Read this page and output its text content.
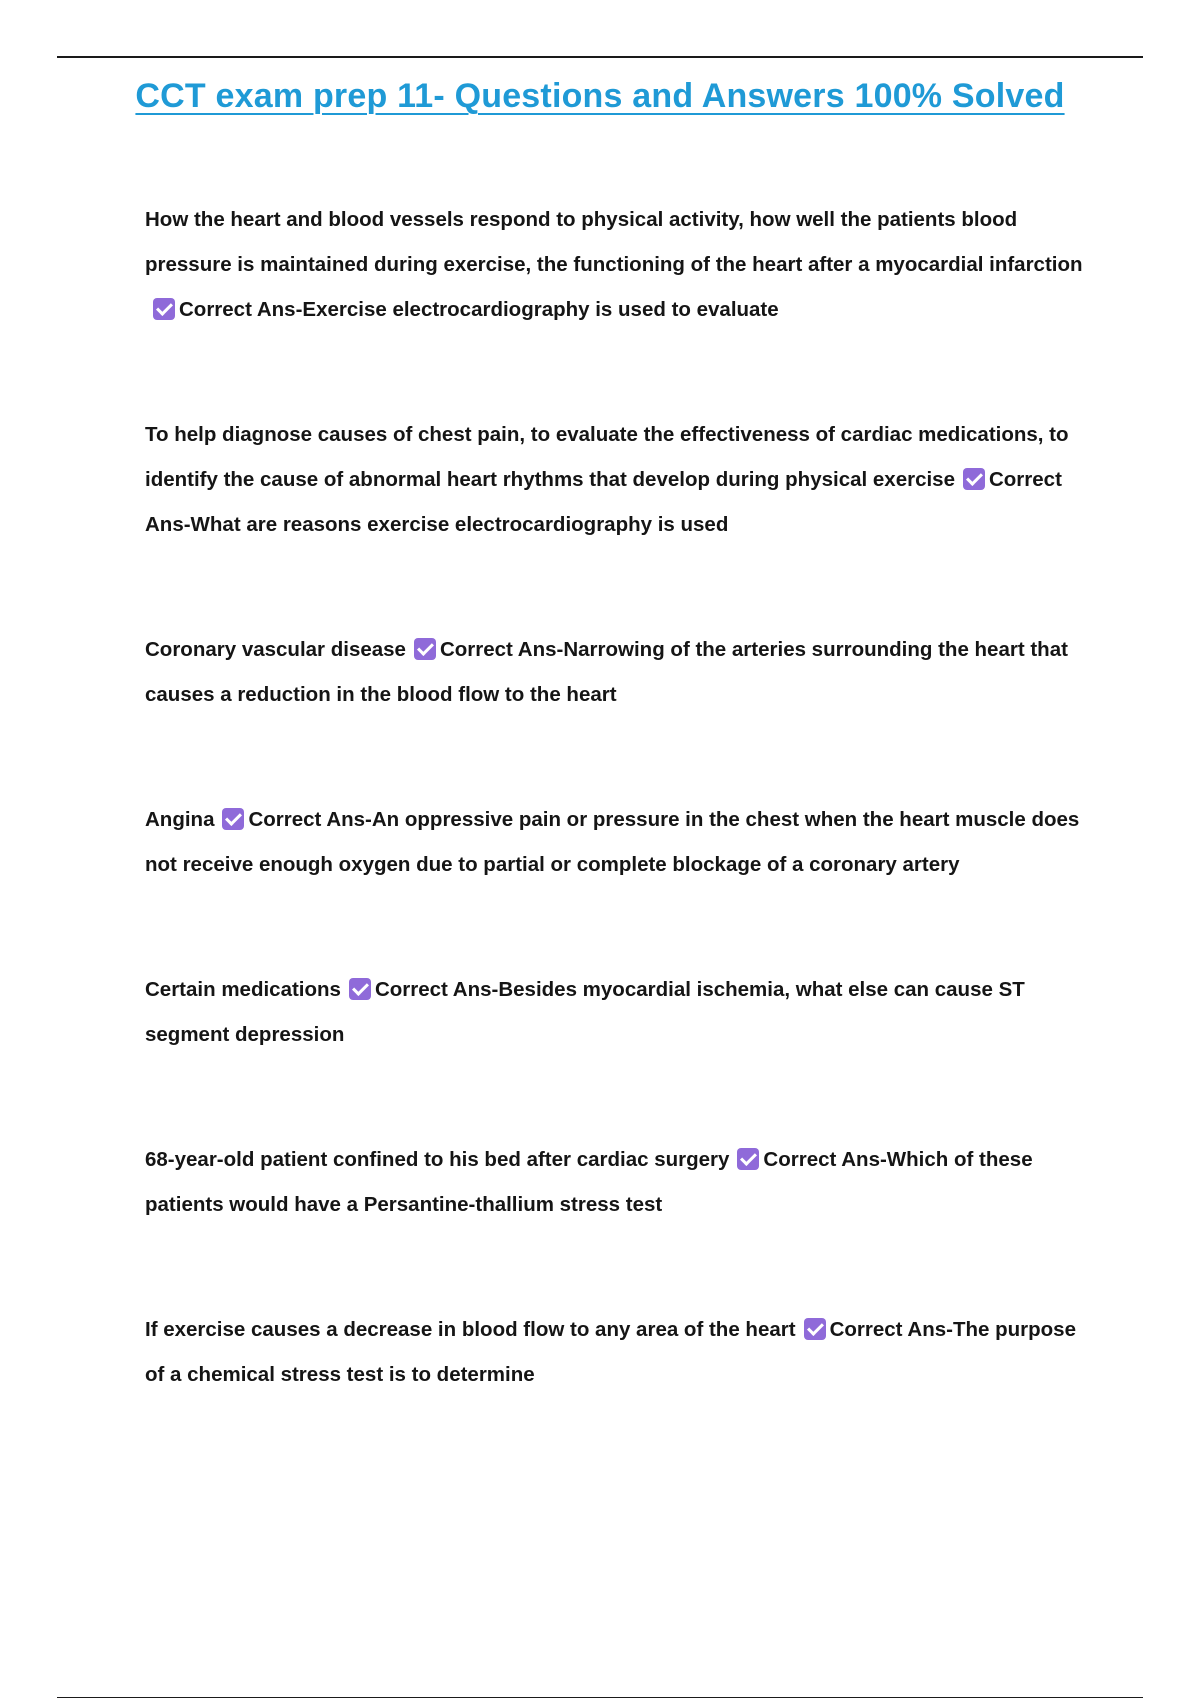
CCT exam prep 11- Questions and Answers 100% Solved

How the heart and blood vessels respond to physical activity, how well the patients blood pressure is maintained during exercise, the functioning of the heart after a myocardial infarctionCorrect Ans-Exercise electrocardiography is used to evaluate

To help diagnose causes of chest pain, to evaluate the effectiveness of cardiac medications, to identify the cause of abnormal heart rhythms that develop during physical exercise Correct Ans-What are reasons exercise electrocardiography is used

Coronary vascular disease Correct Ans-Narrowing of the arteries surrounding the heart that causes a reduction in the blood flow to the heart

Angina Correct Ans-An oppressive pain or pressure in the chest when the heart muscle does not receive enough oxygen due to partial or complete blockage of a coronary artery

Certain medications Correct Ans-Besides myocardial ischemia, what else can cause ST segment depression

68-year-old patient confined to his bed after cardiac surgery Correct Ans-Which of these patients would have a Persantine-thallium stress test

If exercise causes a decrease in blood flow to any area of the heart Correct Ans-The purpose of a chemical stress test is to determine
